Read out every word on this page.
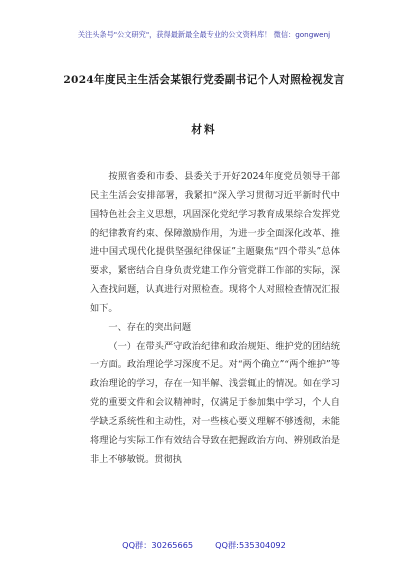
关注头条号"公文研究"，获得最新最全最专业的公文资料库！ 微信：gongwenj
2024年度民主生活会某银行党委副书记个人对照检视发言
材料

按照省委和市委、县委关于开好2024年度党员领导干部民主生活会安排部署，我紧扣“深入学习贯彻习近平新时代中国特色社会主义思想，巩固深化党纪学习教育成果综合发挥党的纪律教育约束、保障激励作用，为进一步全面深化改革、推进中国式现代化提供坚强纪律保证”主题聚焦“四个带头”总体要求，紧密结合自身负责党建工作分管党群工作部的实际，深入查找问题，认真进行对照检查。现将个人对照检查情况汇报如下。

一、存在的突出问题

（一）在带头严守政治纪律和政治规矩、维护党的团结统一方面。政治理论学习深度不足。对“两个确立”“两个维护”等政治理论的学习，存在一知半解、浅尝辄止的情况。如在学习党的重要文件和会议精神时，仅满足于参加集中学习，个人自学缺乏系统性和主动性，对一些核心要义理解不够透彻，未能将理论与实际工作有效结合导致在把握政治方向、辨别政治是非上不够敏锐。贯彻执

QQ群：30265665	QQ群:535304092
